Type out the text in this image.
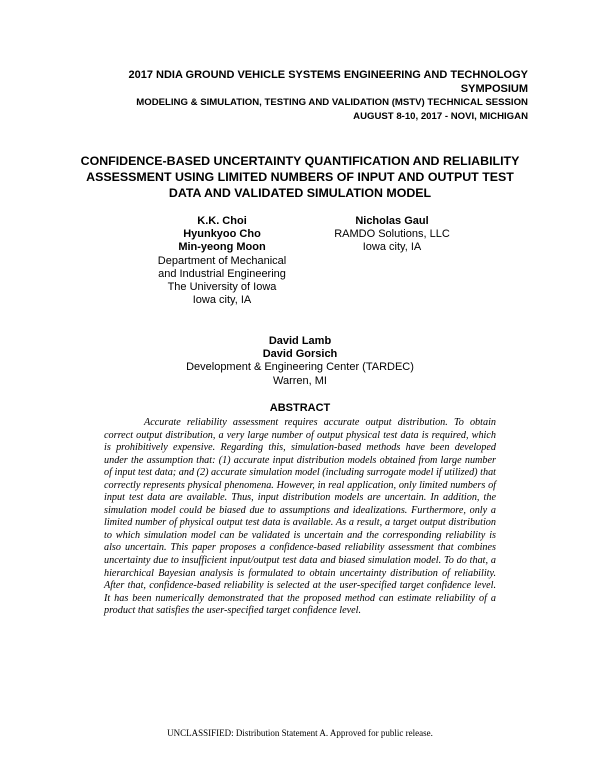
2017 NDIA GROUND VEHICLE SYSTEMS ENGINEERING AND TECHNOLOGY SYMPOSIUM
MODELING & SIMULATION, TESTING AND VALIDATION (MSTV) TECHNICAL SESSION
AUGUST 8-10, 2017 - NOVI, MICHIGAN
CONFIDENCE-BASED UNCERTAINTY QUANTIFICATION AND RELIABILITY ASSESSMENT USING LIMITED NUMBERS OF INPUT AND OUTPUT TEST DATA AND VALIDATED SIMULATION MODEL
K.K. Choi
Hyunkyoo Cho
Min-yeong Moon
Department of Mechanical and Industrial Engineering
The University of Iowa
Iowa city, IA
Nicholas Gaul
RAMDO Solutions, LLC
Iowa city, IA
David Lamb
David Gorsich
Development & Engineering Center (TARDEC)
Warren, MI
ABSTRACT

Accurate reliability assessment requires accurate output distribution. To obtain correct output distribution, a very large number of output physical test data is required, which is prohibitively expensive. Regarding this, simulation-based methods have been developed under the assumption that: (1) accurate input distribution models obtained from large number of input test data; and (2) accurate simulation model (including surrogate model if utilized) that correctly represents physical phenomena. However, in real application, only limited numbers of input test data are available. Thus, input distribution models are uncertain. In addition, the simulation model could be biased due to assumptions and idealizations. Furthermore, only a limited number of physical output test data is available. As a result, a target output distribution to which simulation model can be validated is uncertain and the corresponding reliability is also uncertain. This paper proposes a confidence-based reliability assessment that combines uncertainty due to insufficient input/output test data and biased simulation model. To do that, a hierarchical Bayesian analysis is formulated to obtain uncertainty distribution of reliability. After that, confidence-based reliability is selected at the user-specified target confidence level. It has been numerically demonstrated that the proposed method can estimate reliability of a product that satisfies the user-specified target confidence level.

UNCLASSIFIED: Distribution Statement A. Approved for public release.
